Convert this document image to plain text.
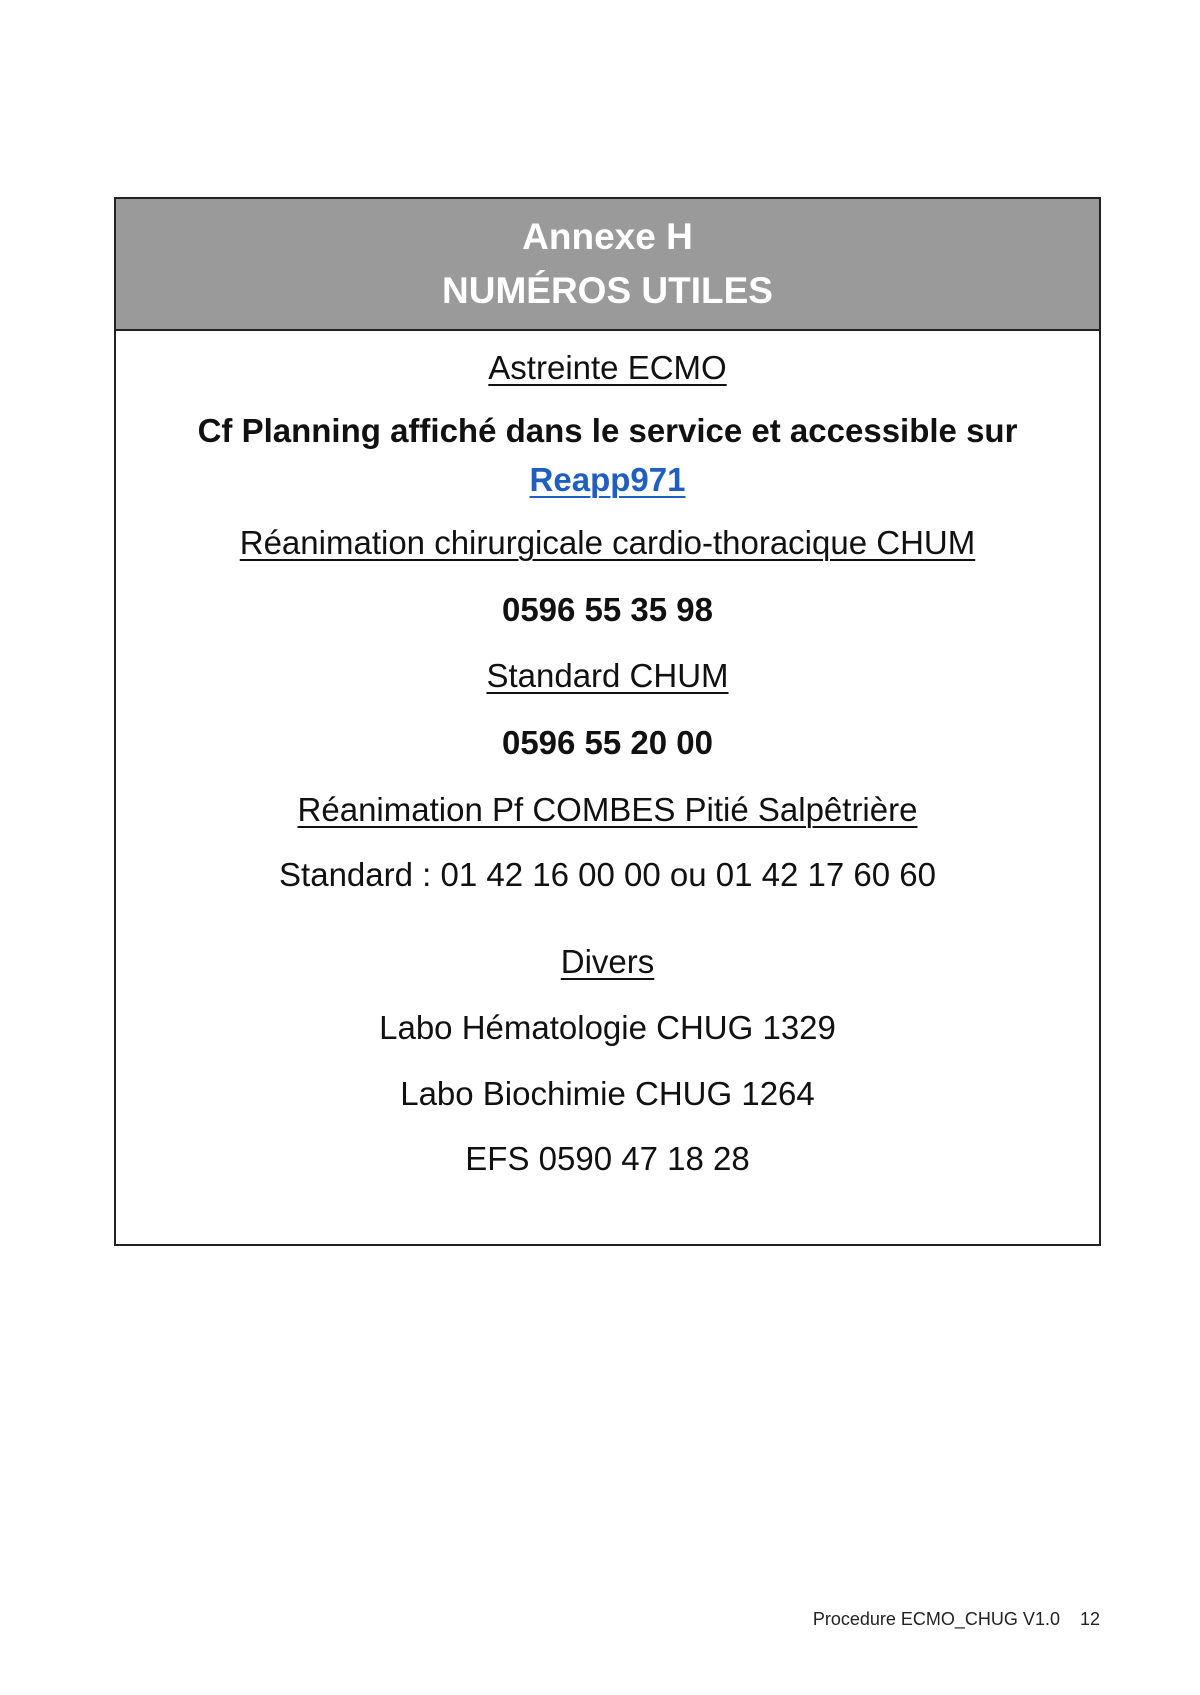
Annexe H
NUMÉROS UTILES
Astreinte ECMO
Cf Planning affiché dans le service et accessible sur
Reapp971
Réanimation chirurgicale cardio-thoracique CHUM
0596 55 35 98
Standard CHUM
0596 55 20 00
Réanimation Pf COMBES Pitié Salpêtrière
Standard : 01 42 16 00 00 ou 01 42 17 60 60
Divers
Labo Hématologie CHUG 1329
Labo Biochimie CHUG 1264
EFS 0590 47 18 28
Procedure ECMO_CHUG V1.0 12
